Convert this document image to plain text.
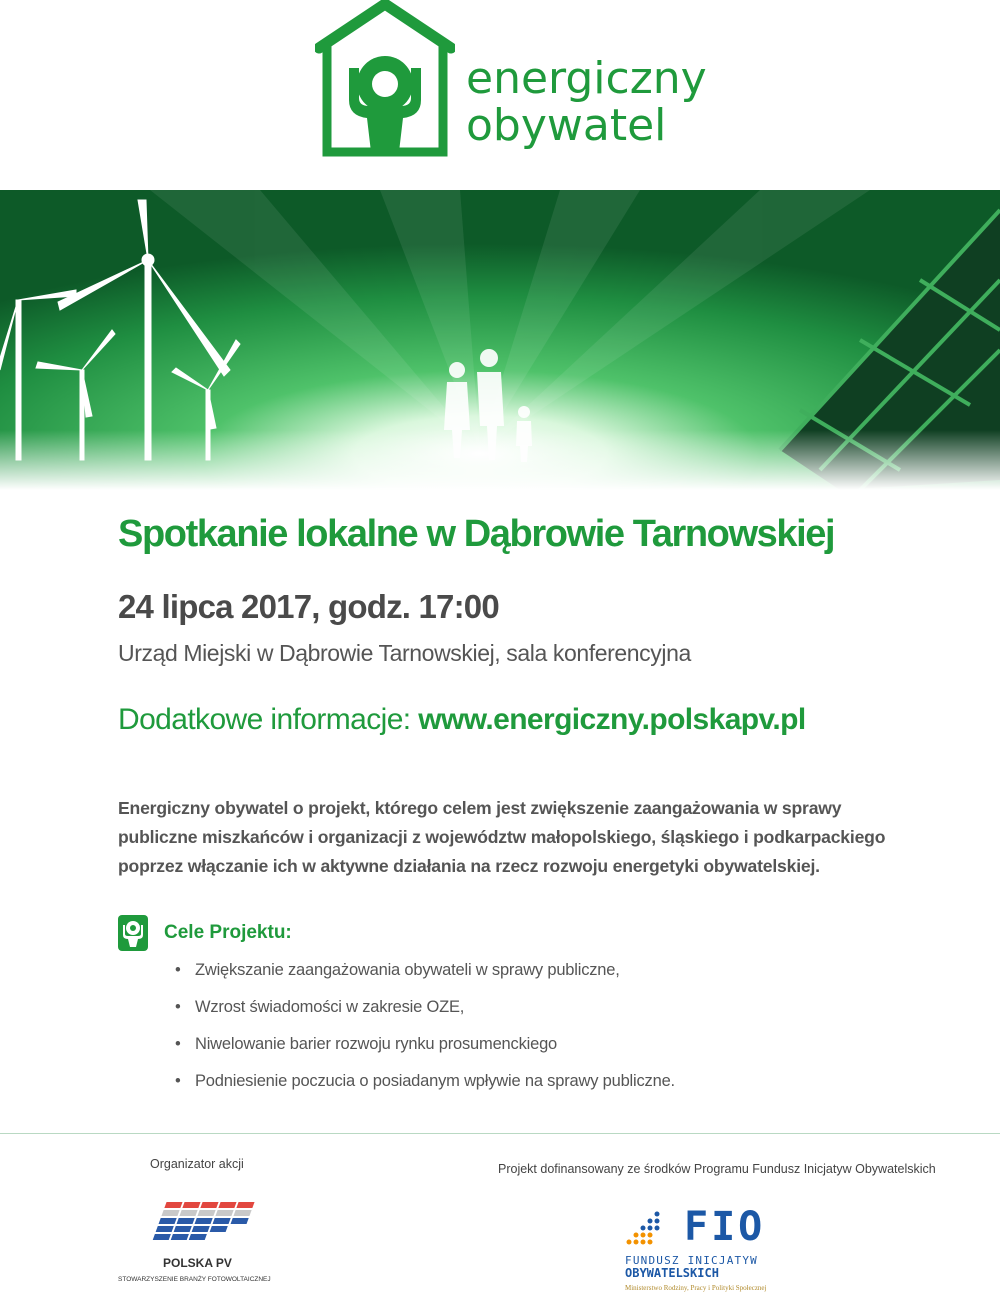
energiczny
obywatel
Spotkanie lokalne w Dąbrowie Tarnowskiej
24 lipca 2017, godz. 17:00
Urząd Miejski w Dąbrowie Tarnowskiej, sala konferencyjna
Dodatkowe informacje: www.energiczny.polskapv.pl
Energiczny obywatel o projekt, którego celem jest zwiększenie zaangażowania w sprawy publiczne miszkańców i organizacji z województw małopolskiego, śląskiego i podkarpackiego poprzez włączanie ich w aktywne działania na rzecz rozwoju energetyki obywatelskiej.
Cele Projektu:
• Zwiększanie zaangażowania obywateli w sprawy publiczne,
• Wzrost świadomości w zakresie OZE,
• Niwelowanie barier rozwoju rynku prosumenckiego
• Podniesienie poczucia o posiadanym wpływie na sprawy publiczne.
Organizator akcji	Projekt dofinansowany ze środków Programu Fundusz Inicjatyw Obywatelskich
POLSKA PV
STOWARZYSZENIE BRANŻY FOTOWOLTAICZNEJ
FIO
FUNDUSZ INICJATYW
OBYWATELSKICH
Ministerstwo Rodziny, Pracy i Polityki Społecznej
